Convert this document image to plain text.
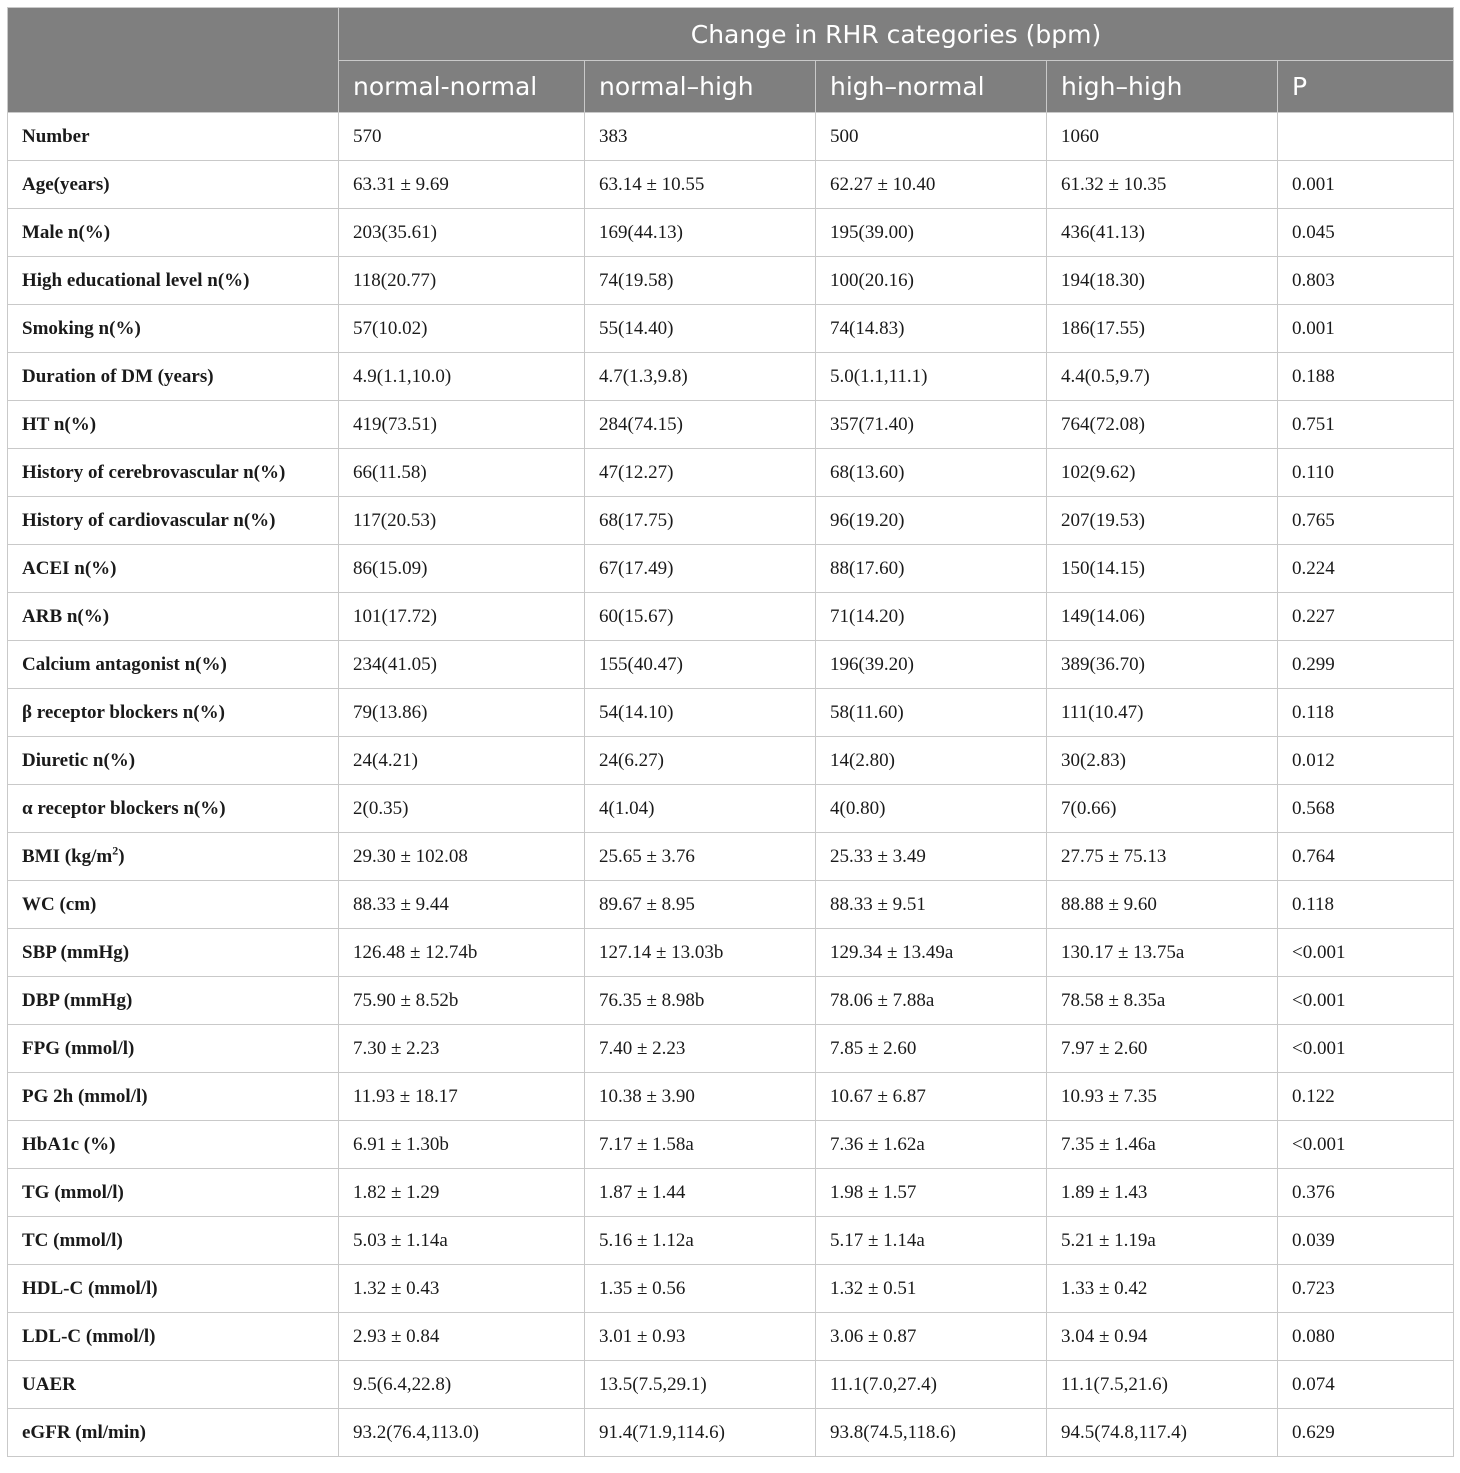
	Change in RHR categories (bpm)				
	normal-normal	normal–high	high–normal	high–high	P
Number	570	383	500	1060	
Age(years)	63.31 ± 9.69	63.14 ± 10.55	62.27 ± 10.40	61.32 ± 10.35	0.001
Male n(%)	203(35.61)	169(44.13)	195(39.00)	436(41.13)	0.045
High educational level n(%)	118(20.77)	74(19.58)	100(20.16)	194(18.30)	0.803
Smoking n(%)	57(10.02)	55(14.40)	74(14.83)	186(17.55)	0.001
Duration of DM (years)	4.9(1.1,10.0)	4.7(1.3,9.8)	5.0(1.1,11.1)	4.4(0.5,9.7)	0.188
HT n(%)	419(73.51)	284(74.15)	357(71.40)	764(72.08)	0.751
History of cerebrovascular n(%)	66(11.58)	47(12.27)	68(13.60)	102(9.62)	0.110
History of cardiovascular n(%)	117(20.53)	68(17.75)	96(19.20)	207(19.53)	0.765
ACEI n(%)	86(15.09)	67(17.49)	88(17.60)	150(14.15)	0.224
ARB n(%)	101(17.72)	60(15.67)	71(14.20)	149(14.06)	0.227
Calcium antagonist n(%)	234(41.05)	155(40.47)	196(39.20)	389(36.70)	0.299
β receptor blockers n(%)	79(13.86)	54(14.10)	58(11.60)	111(10.47)	0.118
Diuretic n(%)	24(4.21)	24(6.27)	14(2.80)	30(2.83)	0.012
α receptor blockers n(%)	2(0.35)	4(1.04)	4(0.80)	7(0.66)	0.568
BMI $(kg/m^2)$	29.30 ± 102.08	25.65 ± 3.76	25.33 ± 3.49	27.75 ± 75.13	0.764
WC (cm)	88.33 ± 9.44	89.67 ± 8.95	88.33 ± 9.51	88.88 ± 9.60	0.118
SBP (mmHg)	126.48 ± 12.74b	127.14 ± 13.03b	129.34 ± 13.49a	130.17 ± 13.75a	<0.001
DBP (mmHg)	75.90 ± 8.52b	76.35 ± 8.98b	78.06 ± 7.88a	78.58 ± 8.35a	<0.001
FPG (mmol/l)	7.30 ± 2.23	7.40 ± 2.23	7.85 ± 2.60	7.97 ± 2.60	<0.001
PG 2h (mmol/l)	11.93 ± 18.17	10.38 ± 3.90	10.67 ± 6.87	10.93 ± 7.35	0.122
HbA1c (%)	6.91 ± 1.30b	7.17 ± 1.58a	7.36 ± 1.62a	7.35 ± 1.46a	<0.001
TG (mmol/l)	1.82 ± 1.29	1.87 ± 1.44	1.98 ± 1.57	1.89 ± 1.43	0.376
TC (mmol/l)	5.03 ± 1.14a	5.16 ± 1.12a	5.17 ± 1.14a	5.21 ± 1.19a	0.039
HDL-C (mmol/l)	1.32 ± 0.43	1.35 ± 0.56	1.32 ± 0.51	1.33 ± 0.42	0.723
LDL-C (mmol/l)	2.93 ± 0.84	3.01 ± 0.93	3.06 ± 0.87	3.04 ± 0.94	0.080
UAER	9.5(6.4,22.8)	13.5(7.5,29.1)	11.1(7.0,27.4)	11.1(7.5,21.6)	0.074
eGFR (ml/min)	93.2(76.4,113.0)	91.4(71.9,114.6)	93.8(74.5,118.6)	94.5(74.8,117.4)	0.629
